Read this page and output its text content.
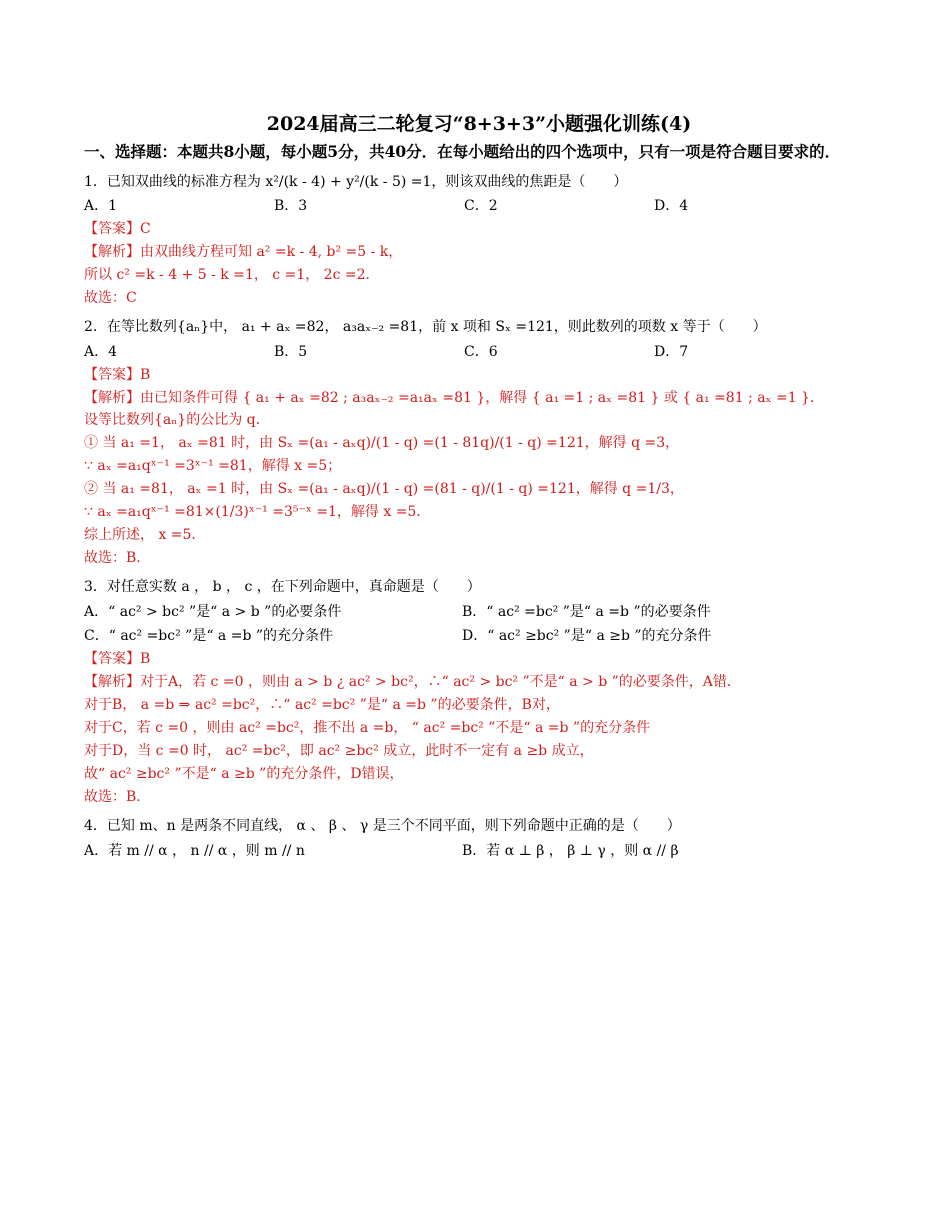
2024届高三二轮复习“8+3+3”小题强化训练(4)
一、选择题：本题共8小题，每小题5分，共40分．在每小题给出的四个选项中，只有一项是符合题目要求的．
1．已知双曲线的标准方程为 x²/(k - 4) + y²/(k - 5) =1，则该双曲线的焦距是（　　）
A．1	B．3	C．2	D．4
【答案】C
【解析】由双曲线方程可知 a² =k - 4, b² =5 - k，
所以 c² =k - 4 + 5 - k =1， c =1， 2c =2．
故选：C
2．在等比数列{aₙ}中， a₁ + aₓ =82， a₃aₓ₋₂ =81，前 x 项和 Sₓ =121，则此数列的项数 x 等于（　　）
A．4	B．5	C．6	D．7
【答案】B
【解析】由已知条件可得 { a₁ + aₓ =82 ; a₃aₓ₋₂ =a₁aₓ =81 }，解得 { a₁ =1 ; aₓ =81 } 或 { a₁ =81 ; aₓ =1 }．
设等比数列{aₙ}的公比为 q．
① 当 a₁ =1， aₓ =81 时，由 Sₓ =(a₁ - aₓq)/(1 - q) =(1 - 81q)/(1 - q) =121，解得 q =3，
∵ aₓ =a₁qˣ⁻¹ =3ˣ⁻¹ =81，解得 x =5；
② 当 a₁ =81， aₓ =1 时，由 Sₓ =(a₁ - aₓq)/(1 - q) =(81 - q)/(1 - q) =121，解得 q =1/3，
∵ aₓ =a₁qˣ⁻¹ =81×(1/3)ˣ⁻¹ =3⁵⁻ˣ =1，解得 x =5．
综上所述， x =5．
故选：B.
3．对任意实数 a ， b ， c ，在下列命题中，真命题是（　　）
A．“ ac² > bc² ”是“ a > b ”的必要条件	B．“ ac² =bc² ”是“ a =b ”的必要条件
C．“ ac² =bc² ”是“ a =b ”的充分条件	D．“ ac² ≥bc² ”是“ a ≥b ”的充分条件
【答案】B
【解析】对于A，若 c =0 ，则由 a > b ¿ ac² > bc²，∴“ ac² > bc² ”不是“ a > b ”的必要条件，A错．
对于B， a =b ⇒ ac² =bc²，∴“ ac² =bc² ”是“ a =b ”的必要条件，B对，
对于C，若 c =0 ，则由 ac² =bc²，推不出 a =b， “ ac² =bc² ”不是“ a =b ”的充分条件
对于D，当 c =0 时， ac² =bc²，即 ac² ≥bc² 成立，此时不一定有 a ≥b 成立，
故“ ac² ≥bc² ”不是“ a ≥b ”的充分条件，D错误，
故选：B.
4．已知 m、n 是两条不同直线， α 、 β 、 γ 是三个不同平面，则下列命题中正确的是（　　）
A．若 m // α ， n // α ，则 m // n	B．若 α ⊥ β ， β ⊥ γ ，则 α // β
